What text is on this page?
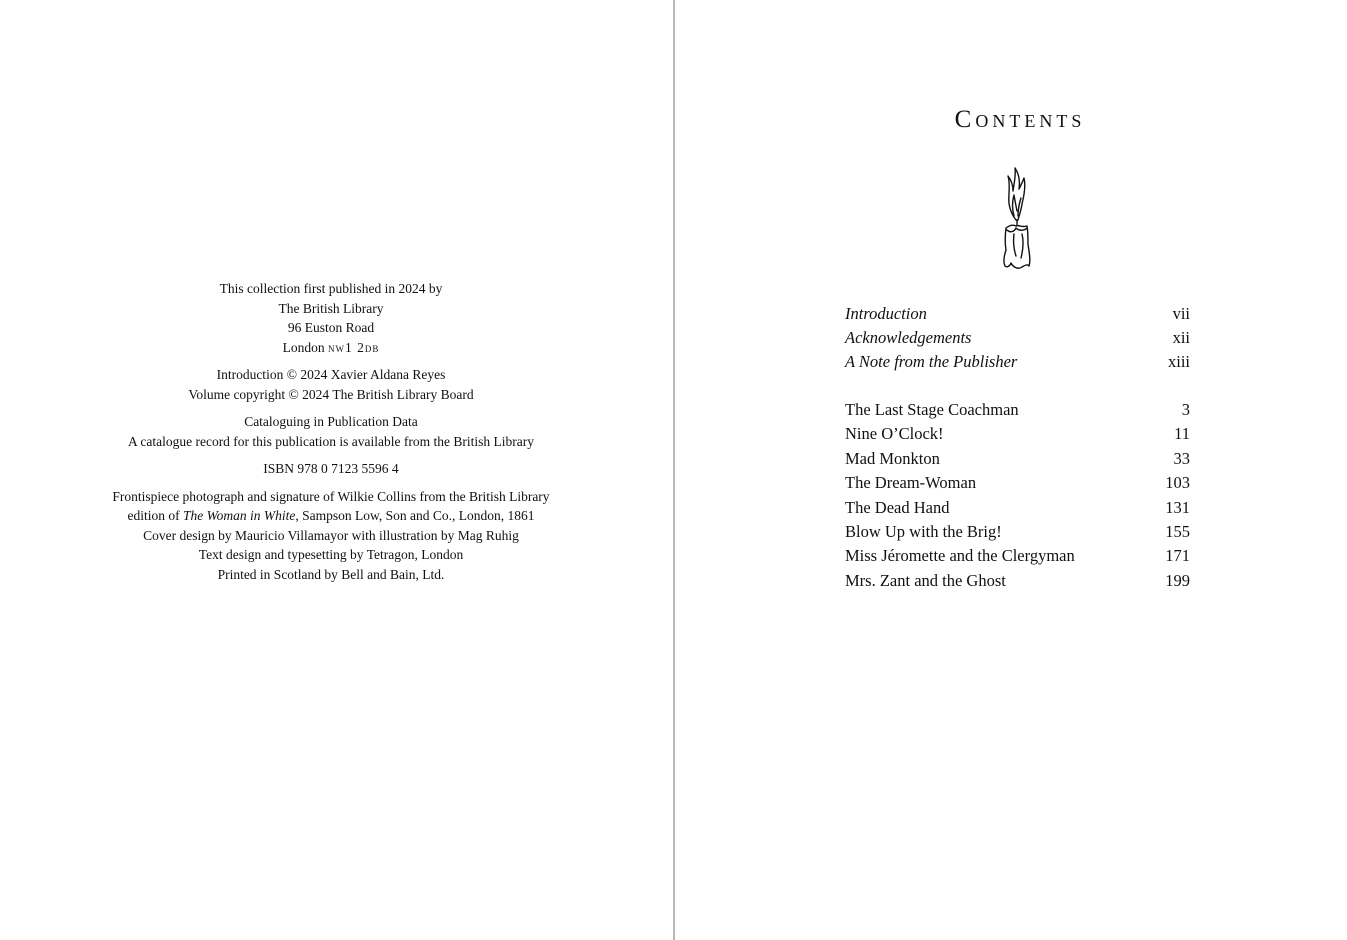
This collection first published in 2024 by
The British Library
96 Euston Road
London nw1 2db
Introduction © 2024 Xavier Aldana Reyes
Volume copyright © 2024 The British Library Board
Cataloguing in Publication Data
A catalogue record for this publication is available from the British Library
ISBN 978 0 7123 5596 4
Frontispiece photograph and signature of Wilkie Collins from the British Library
edition of The Woman in White, Sampson Low, Son and Co., London, 1861
Cover design by Mauricio Villamayor with illustration by Mag Ruhig
Text design and typesetting by Tetragon, London
Printed in Scotland by Bell and Bain, Ltd.
Contents
Introduction	vii
Acknowledgements	xii
A Note from the Publisher	xiii
The Last Stage Coachman	3
Nine O’Clock!	11
Mad Monkton	33
The Dream-Woman	103
The Dead Hand	131
Blow Up with the Brig!	155
Miss Jéromette and the Clergyman	171
Mrs. Zant and the Ghost	199
